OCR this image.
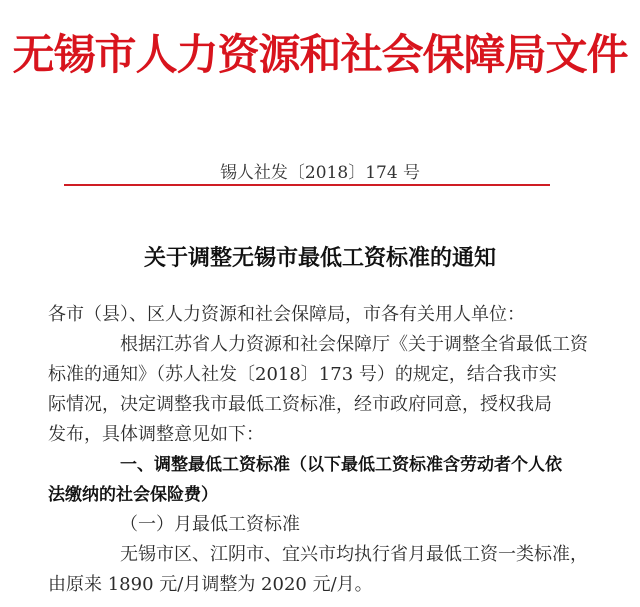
无锡市人力资源和社会保障局文件
锡人社发〔2018〕174 号
关于调整无锡市最低工资标准的通知
各市（县）、区人力资源和社会保障局，市各有关用人单位：
根据江苏省人力资源和社会保障厅《关于调整全省最低工资
标准的通知》（苏人社发〔2018〕173 号）的规定，结合我市实
际情况，决定调整我市最低工资标准，经市政府同意，授权我局
发布，具体调整意见如下：
一、调整最低工资标准（以下最低工资标准含劳动者个人依
法缴纳的社会保险费）
（一）月最低工资标准
无锡市区、江阴市、宜兴市均执行省月最低工资一类标准，
由原来 1890 元/月调整为 2020 元/月。
